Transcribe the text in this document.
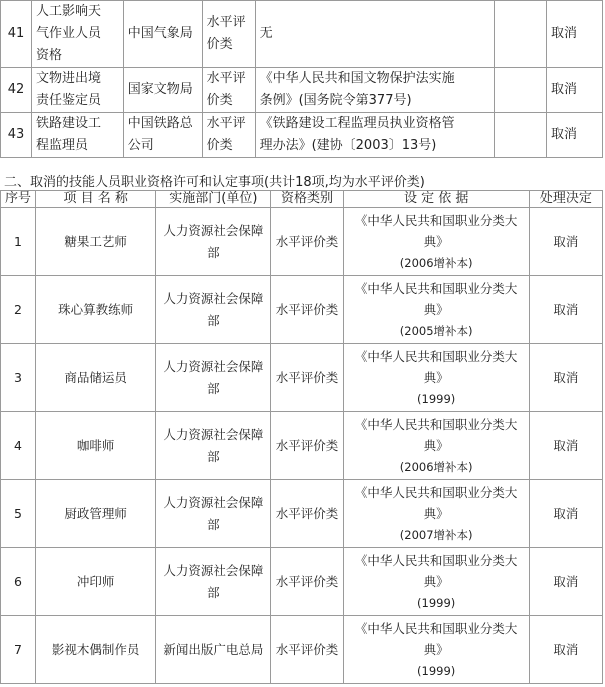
41	人工影响天
气作业人员
资格	中国气象局	水平评
价类	无		取消
42	文物进出境
责任鉴定员	国家文物局	水平评
价类	《中华人民共和国文物保护法实施
条例》(国务院令第377号)		取消
43	铁路建设工
程监理员	中国铁路总
公司	水平评
价类	《铁路建设工程监理员执业资格管
理办法》(建协〔2003〕13号)		取消
二、取消的技能人员职业资格许可和认定事项(共计18项,均为水平评价类)
序号	项 目 名 称	实施部门(单位)	资格类别	设 定 依 据	处理决定
1	糖果工艺师	人力资源社会保障
部	水平评价类	《中华人民共和国职业分类大
典》
(2006增补本)	取消
2	珠心算教练师	人力资源社会保障
部	水平评价类	《中华人民共和国职业分类大
典》
(2005增补本)	取消
3	商品储运员	人力资源社会保障
部	水平评价类	《中华人民共和国职业分类大
典》
(1999)	取消
4	咖啡师	人力资源社会保障
部	水平评价类	《中华人民共和国职业分类大
典》
(2006增补本)	取消
5	厨政管理师	人力资源社会保障
部	水平评价类	《中华人民共和国职业分类大
典》
(2007增补本)	取消
6	冲印师	人力资源社会保障
部	水平评价类	《中华人民共和国职业分类大
典》
(1999)	取消
7	影视木偶制作员	新闻出版广电总局	水平评价类	《中华人民共和国职业分类大
典》
(1999)	取消
